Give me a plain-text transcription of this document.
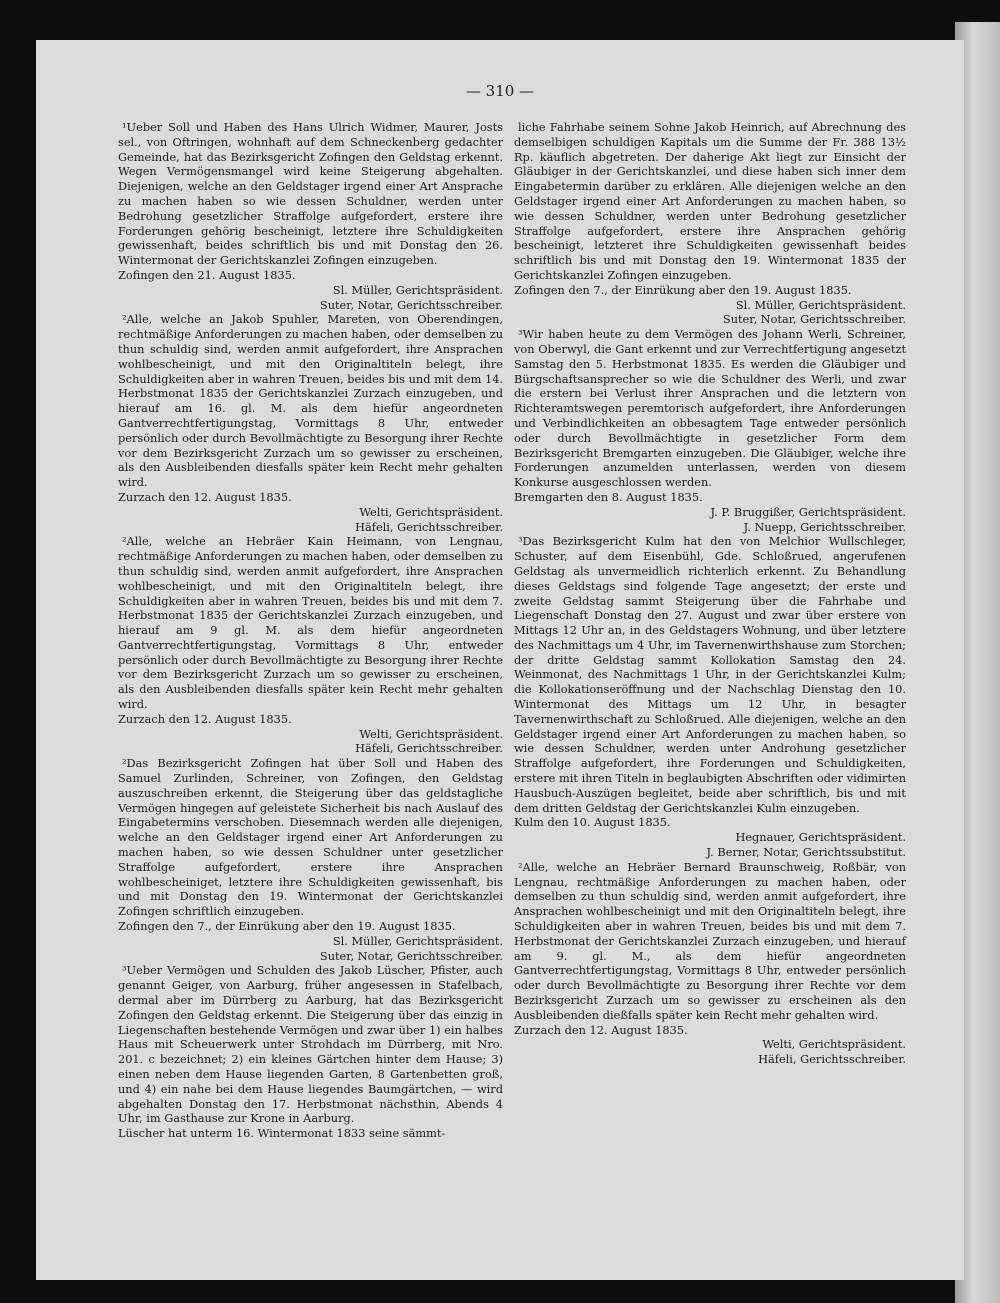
— 310 —

¹Ueber Soll und Haben des Hans Ulrich Widmer, Maurer, Josts sel., von Oftringen, wohnhaft auf dem Schneckenberg gedachter Gemeinde, hat das Bezirksgericht Zofingen den Geldstag erkennt. Wegen Vermögensmangel wird keine Steigerung abgehalten. Diejenigen, welche an den Geldstager irgend einer Art Ansprache zu machen haben so wie dessen Schuldner, werden unter Bedrohung gesetzlicher Straffolge aufgefordert, erstere ihre Forderungen gehörig bescheinigt, letztere ihre Schuldigkeiten gewissenhaft, beides schriftlich bis und mit Donstag den 26. Wintermonat der Gerichtskanzlei Zofingen einzugeben.

Zofingen den 21. August 1835.
Sl. Müller, Gerichtspräsident.
Suter, Notar, Gerichtsschreiber.

²Alle, welche an Jakob Spuhler, Mareten, von Oberendingen, rechtmäßige Anforderungen zu machen haben, oder demselben zu thun schuldig sind, werden anmit aufgefordert, ihre Ansprachen wohlbescheinigt, und mit den Originaltiteln belegt, ihre Schuldigkeiten aber in wahren Treuen, beides bis und mit dem 14. Herbstmonat 1835 der Gerichtskanzlei Zurzach einzugeben, und hierauf am 16. gl. M. als dem hiefür angeordneten Gantverrechtfertigungstag, Vormittags 8 Uhr, entweder persönlich oder durch Bevollmächtigte zu Besorgung ihrer Rechte vor dem Bezirksgericht Zurzach um so gewisser zu erscheinen, als den Ausbleibenden diesfalls später kein Recht mehr gehalten wird.

Zurzach den 12. August 1835.
Welti, Gerichtspräsident.
Häfeli, Gerichtsschreiber.

²Alle, welche an Hebräer Kain Heimann, von Lengnau, rechtmäßige Anforderungen zu machen haben, oder demselben zu thun schuldig sind, werden anmit aufgefordert, ihre Ansprachen wohlbescheinigt, und mit den Originaltiteln belegt, ihre Schuldigkeiten aber in wahren Treuen, beides bis und mit dem 7. Herbstmonat 1835 der Gerichtskanzlei Zurzach einzugeben, und hierauf am 9 gl. M. als dem hiefür angeordneten Gantverrechtfertigungstag, Vormittags 8 Uhr, entweder persönlich oder durch Bevollmächtigte zu Besorgung ihrer Rechte vor dem Bezirksgericht Zurzach um so gewisser zu erscheinen, als den Ausbleibenden diesfalls später kein Recht mehr gehalten wird.

Zurzach den 12. August 1835.
Welti, Gerichtspräsident.
Häfeli, Gerichtsschreiber.

²Das Bezirksgericht Zofingen hat über Soll und Haben des Samuel Zurlinden, Schreiner, von Zofingen, den Geldstag auszuschreiben erkennt, die Steigerung über das geldstagliche Vermögen hingegen auf geleistete Sicherheit bis nach Auslauf des Eingabetermins verschoben. Diesemnach werden alle diejenigen, welche an den Geldstager irgend einer Art Anforderungen zu machen haben, so wie dessen Schuldner unter gesetzlicher Straffolge aufgefordert, erstere ihre Ansprachen wohlbescheiniget, letztere ihre Schuldigkeiten gewissenhaft, bis und mit Donstag den 19. Wintermonat der Gerichtskanzlei Zofingen schriftlich einzugeben.

Zofingen den 7., der Einrükung aber den 19. August 1835.
Sl. Müller, Gerichtspräsident.
Suter, Notar, Gerichtsschreiber.

³Ueber Vermögen und Schulden des Jakob Lüscher, Pfister, auch genannt Geiger, von Aarburg, früher angesessen in Stafelbach, dermal aber im Dürrberg zu Aarburg, hat das Bezirksgericht Zofingen den Geldstag erkennt. Die Steigerung über das einzig in Liegenschaften bestehende Vermögen und zwar über 1) ein halbes Haus mit Scheuerwerk unter Strohdach im Dürrberg, mit Nro. 201. c bezeichnet; 2) ein kleines Gärtchen hinter dem Hause; 3) einen neben dem Hause liegenden Garten, 8 Gartenbetten groß, und 4) ein nahe bei dem Hause liegendes Baumgärtchen, — wird abgehalten Donstag den 17. Herbstmonat nächsthin, Abends 4 Uhr, im Gasthause zur Krone in Aarburg.

Lüscher hat unterm 16. Wintermonat 1833 seine sämmt-

liche Fahrhabe seinem Sohne Jakob Heinrich, auf Abrechnung des demselbigen schuldigen Kapitals um die Summe der Fr. 388 13½ Rp. käuflich abgetreten. Der daherige Akt liegt zur Einsicht der Gläubiger in der Gerichtskanzlei, und diese haben sich inner dem Eingabetermin darüber zu erklären. Alle diejenigen welche an den Geldstager irgend einer Art Anforderungen zu machen haben, so wie dessen Schuldner, werden unter Bedrohung gesetzlicher Straffolge aufgefordert, erstere ihre Ansprachen gehörig bescheinigt, letzteret ihre Schuldigkeiten gewissenhaft beides schriftlich bis und mit Donstag den 19. Wintermonat 1835 der Gerichtskanzlei Zofingen einzugeben.

Zofingen den 7., der Einrükung aber den 19. August 1835.
Sl. Müller, Gerichtspräsident.
Suter, Notar, Gerichtsschreiber.

³Wir haben heute zu dem Vermögen des Johann Werli, Schreiner, von Oberwyl, die Gant erkennt und zur Verrechtfertigung angesetzt Samstag den 5. Herbstmonat 1835. Es werden die Gläubiger und Bürgschaftsansprecher so wie die Schuldner des Werli, und zwar die erstern bei Verlust ihrer Ansprachen und die letztern von Richteramtswegen peremtorisch aufgefordert, ihre Anforderungen und Verbindlichkeiten an obbesagtem Tage entweder persönlich oder durch Bevollmächtigte in gesetzlicher Form dem Bezirksgericht Bremgarten einzugeben. Die Gläubiger, welche ihre Forderungen anzumelden unterlassen, werden von diesem Konkurse ausgeschlossen werden.

Bremgarten den 8. August 1835.
J. P. Bruggißer, Gerichtspräsident.
J. Nuepp, Gerichtsschreiber.

³Das Bezirksgericht Kulm hat den von Melchior Wullschleger, Schuster, auf dem Eisenbühl, Gde. Schloßrued, angerufenen Geldstag als unvermeidlich richterlich erkennt. Zu Behandlung dieses Geldstags sind folgende Tage angesetzt; der erste und zweite Geldstag sammt Steigerung über die Fahrhabe und Liegenschaft Donstag den 27. August und zwar über erstere von Mittags 12 Uhr an, in des Geldstagers Wohnung, und über letztere des Nachmittags um 4 Uhr, im Tavernenwirthshause zum Storchen; der dritte Geldstag sammt Kollokation Samstag den 24. Weinmonat, des Nachmittags 1 Uhr, in der Gerichtskanzlei Kulm; die Kollokationseröffnung und der Nachschlag Dienstag den 10. Wintermonat des Mittags um 12 Uhr, in besagter Tavernenwirthschaft zu Schloßrued. Alle diejenigen, welche an den Geldstager irgend einer Art Anforderungen zu machen haben, so wie dessen Schuldner, werden unter Androhung gesetzlicher Straffolge aufgefordert, ihre Forderungen und Schuldigkeiten, erstere mit ihren Titeln in beglaubigten Abschriften oder vidimirten Hausbuch-Auszügen begleitet, beide aber schriftlich, bis und mit dem dritten Geldstag der Gerichtskanzlei Kulm einzugeben.

Kulm den 10. August 1835.
Hegnauer, Gerichtspräsident.
J. Berner, Notar, Gerichtssubstitut.

²Alle, welche an Hebräer Bernard Braunschweig, Roßbär, von Lengnau, rechtmäßige Anforderungen zu machen haben, oder demselben zu thun schuldig sind, werden anmit aufgefordert, ihre Ansprachen wohlbescheinigt und mit den Originaltiteln belegt, ihre Schuldigkeiten aber in wahren Treuen, beides bis und mit dem 7. Herbstmonat der Gerichtskanzlei Zurzach einzugeben, und hierauf am 9. gl. M., als dem hiefür angeordneten Gantverrechtfertigungstag, Vormittags 8 Uhr, entweder persönlich oder durch Bevollmächtigte zu Besorgung ihrer Rechte vor dem Bezirksgericht Zurzach um so gewisser zu erscheinen als den Ausbleibenden dießfalls später kein Recht mehr gehalten wird.

Zurzach den 12. August 1835.
Welti, Gerichtspräsident.
Häfeli, Gerichtsschreiber.
